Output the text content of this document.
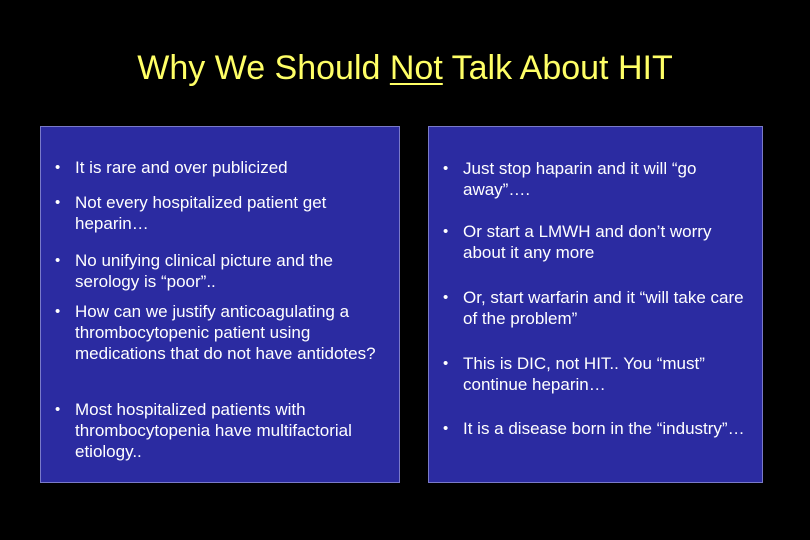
Why We Should Not Talk About HIT
• It is rare and over publicized
• Not every hospitalized patient get heparin…
• No unifying clinical picture and the serology is “poor”..
• How can we justify anticoagulating a thrombocytopenic patient using medications that do not have antidotes?
• Most hospitalized patients with thrombocytopenia have multifactorial etiology..
• Just stop haparin and it will “go away”….
• Or start a LMWH and don’t worry about it any more
• Or, start warfarin and it “will take care of the problem”
• This is DIC, not HIT.. You “must” continue heparin…
• It is a disease born in the “industry”…
